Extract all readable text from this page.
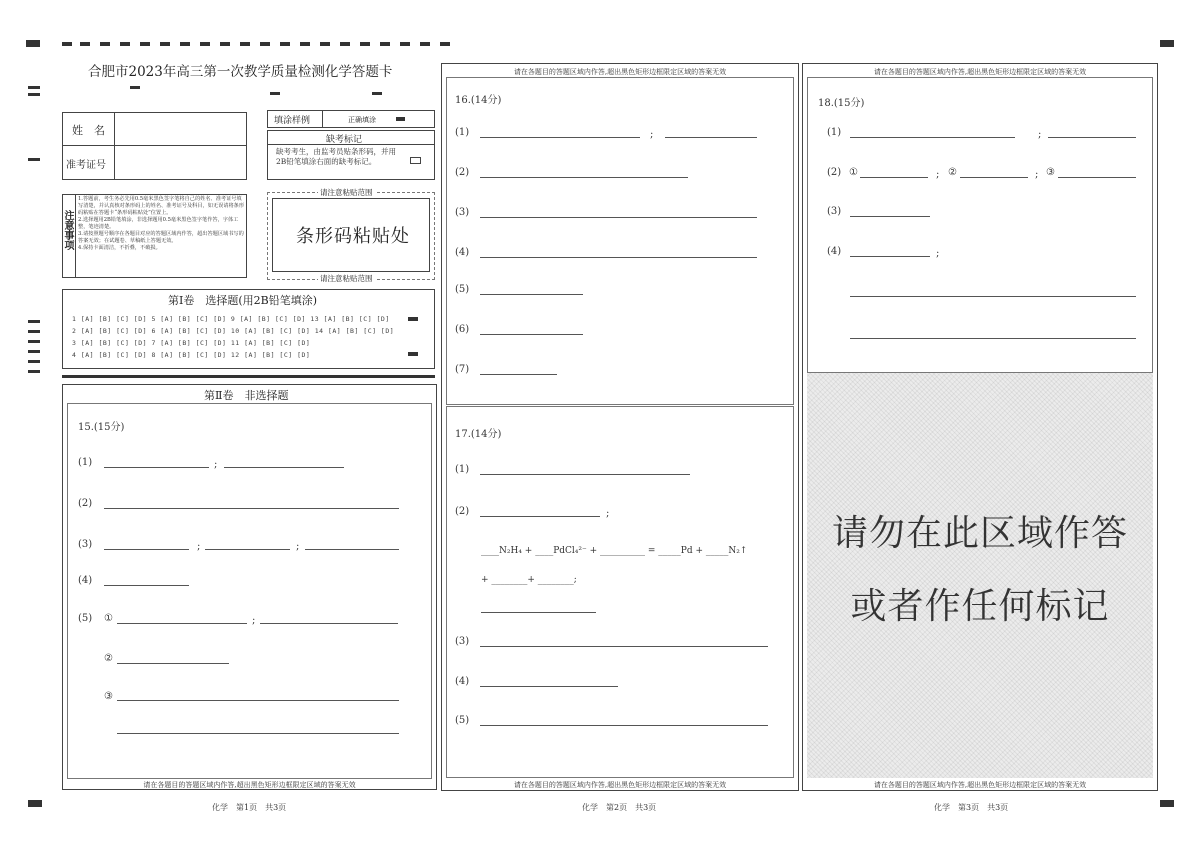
合肥市2023年高三第一次教学质量检测化学答题卡
姓　名
准考证号
填涂样例	正确填涂
缺考标记
缺考考生，由监考员贴条形码，并用2B铅笔填涂右面的缺考标记。
注意事项
1.答题前，考生务必先用0.5毫米黑色签字笔将自己的姓名、准考证号填写清楚，并认真核对条形码上的姓名、准考证号及科目，如无误请将条形码粘贴在答题卡“条形码粘贴处”位置上。
2.选择题用2B铅笔填涂，非选择题用0.5毫米黑色签字笔作答，字体工整，笔迹清楚。
3.请按照题号顺序在各题目对应的答题区域内作答，超出答题区域书写的答案无效；在试题卷、草稿纸上答题无效。
4.保持卡面清洁，不折叠，不破损。
请注意粘贴范围
条形码粘贴处
请注意粘贴范围
第Ⅰ卷　选择题(用2B铅笔填涂)
1 [A] [B] [C] [D] 5 [A] [B] [C] [D] 9 [A] [B] [C] [D] 13 [A] [B] [C] [D]
2 [A] [B] [C] [D] 6 [A] [B] [C] [D] 10 [A] [B] [C] [D] 14 [A] [B] [C] [D]
3 [A] [B] [C] [D] 7 [A] [B] [C] [D] 11 [A] [B] [C] [D]
4 [A] [B] [C] [D] 8 [A] [B] [C] [D] 12 [A] [B] [C] [D]
第Ⅱ卷　非选择题
请在各题目的答题区域内作答,超出黑色矩形边框限定区域的答案无效
15.(15分)
(1)	;
(2)
(3)	;	;
(4)
(5) ①	;
②
③
请在各题目的答题区域内作答,超出黑色矩形边框限定区域的答案无效
请在各题目的答题区域内作答,超出黑色矩形边框限定区域的答案无效
16.(14分)
(1)	;
(2)
(3)
(4)
(5)
(6)
(7)
17.(14分)
(1)
(2)	;
____N₂H₄ + ____PdCl₄²⁻ + __________ = _____Pd + _____N₂↑
+ ________+ ________;
(3)
(4)
(5)
请在各题目的答题区域内作答,超出黑色矩形边框限定区域的答案无效
请在各题目的答题区域内作答,超出黑色矩形边框限定区域的答案无效
18.(15分)
(1)	;
(2) ①	; ②	; ③
(3)
(4)	;
请勿在此区域作答
或者作任何标记
化学　第1页　共3页	化学　第2页　共3页	化学　第3页　共3页
